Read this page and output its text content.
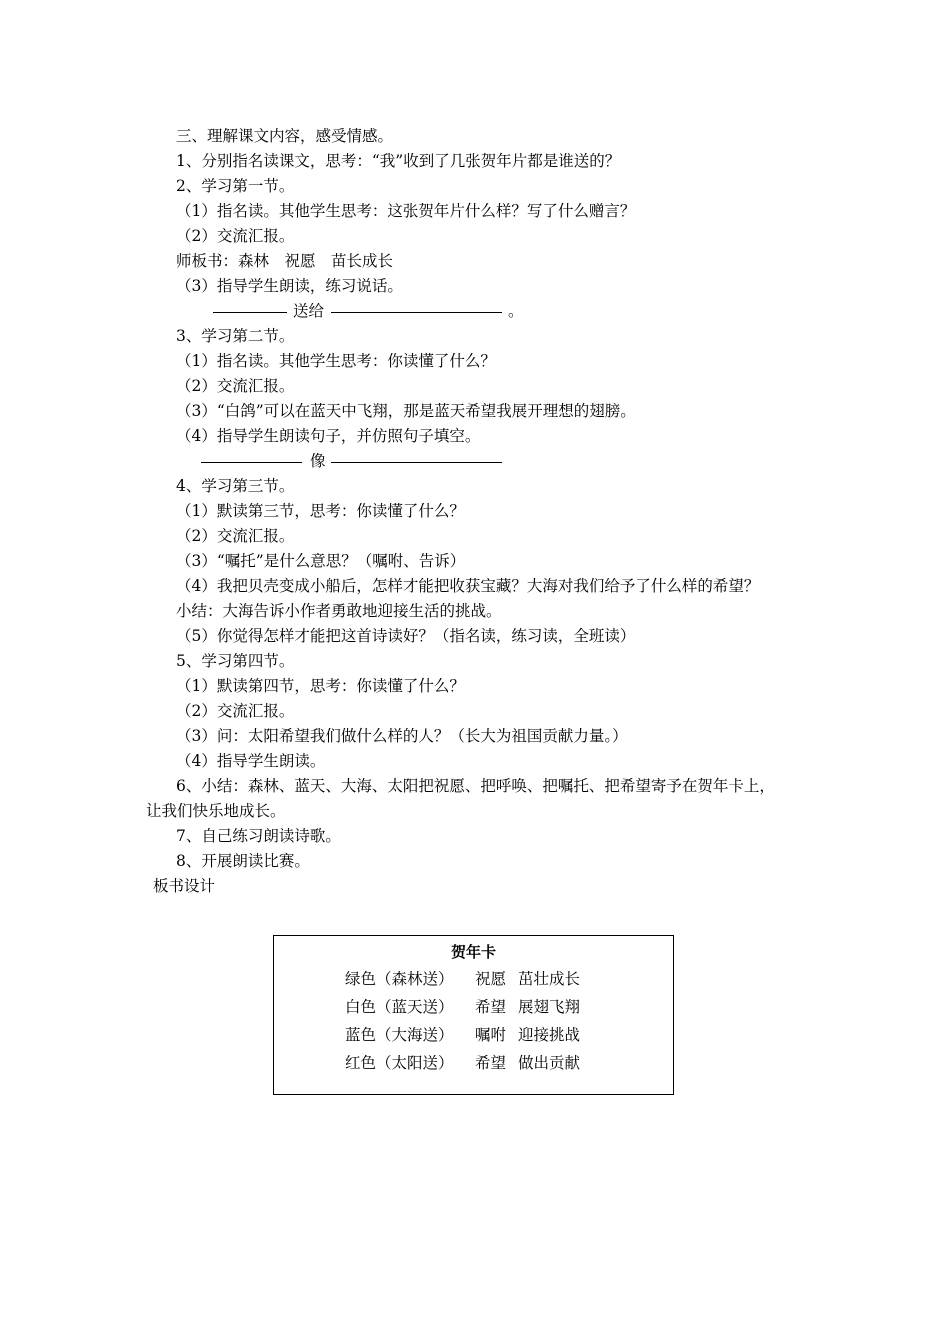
三、理解课文内容，感受情感。
1、分别指名读课文，思考：“我”收到了几张贺年片都是谁送的？
2、学习第一节。
（1）指名读。其他学生思考：这张贺年片什么样？写了什么赠言？
（2）交流汇报。
师板书：森林　祝愿　苗长成长
（3）指导学生朗读，练习说话。
送给	。
3、学习第二节。
（1）指名读。其他学生思考：你读懂了什么？
（2）交流汇报。
（3）“白鸽”可以在蓝天中飞翔，那是蓝天希望我展开理想的翅膀。
（4）指导学生朗读句子，并仿照句子填空。
像
4、学习第三节。
（1）默读第三节，思考：你读懂了什么？
（2）交流汇报。
（3）“嘱托”是什么意思？（嘱咐、告诉）
（4）我把贝壳变成小船后，怎样才能把收获宝藏？大海对我们给予了什么样的希望？
小结：大海告诉小作者勇敢地迎接生活的挑战。
（5）你觉得怎样才能把这首诗读好？（指名读，练习读，全班读）
5、学习第四节。
（1）默读第四节，思考：你读懂了什么？
（2）交流汇报。
（3）问：太阳希望我们做什么样的人？（长大为祖国贡献力量。）
（4）指导学生朗读。
6、小结：森林、蓝天、大海、太阳把祝愿、把呼唤、把嘱托、把希望寄予在贺年卡上，
让我们快乐地成长。
7、自己练习朗读诗歌。
8、开展朗读比赛。
板书设计
贺年卡
绿色（森林送） 祝愿 茁壮成长
白色（蓝天送） 希望 展翅飞翔
蓝色（大海送） 嘱咐 迎接挑战
红色（太阳送） 希望 做出贡献
